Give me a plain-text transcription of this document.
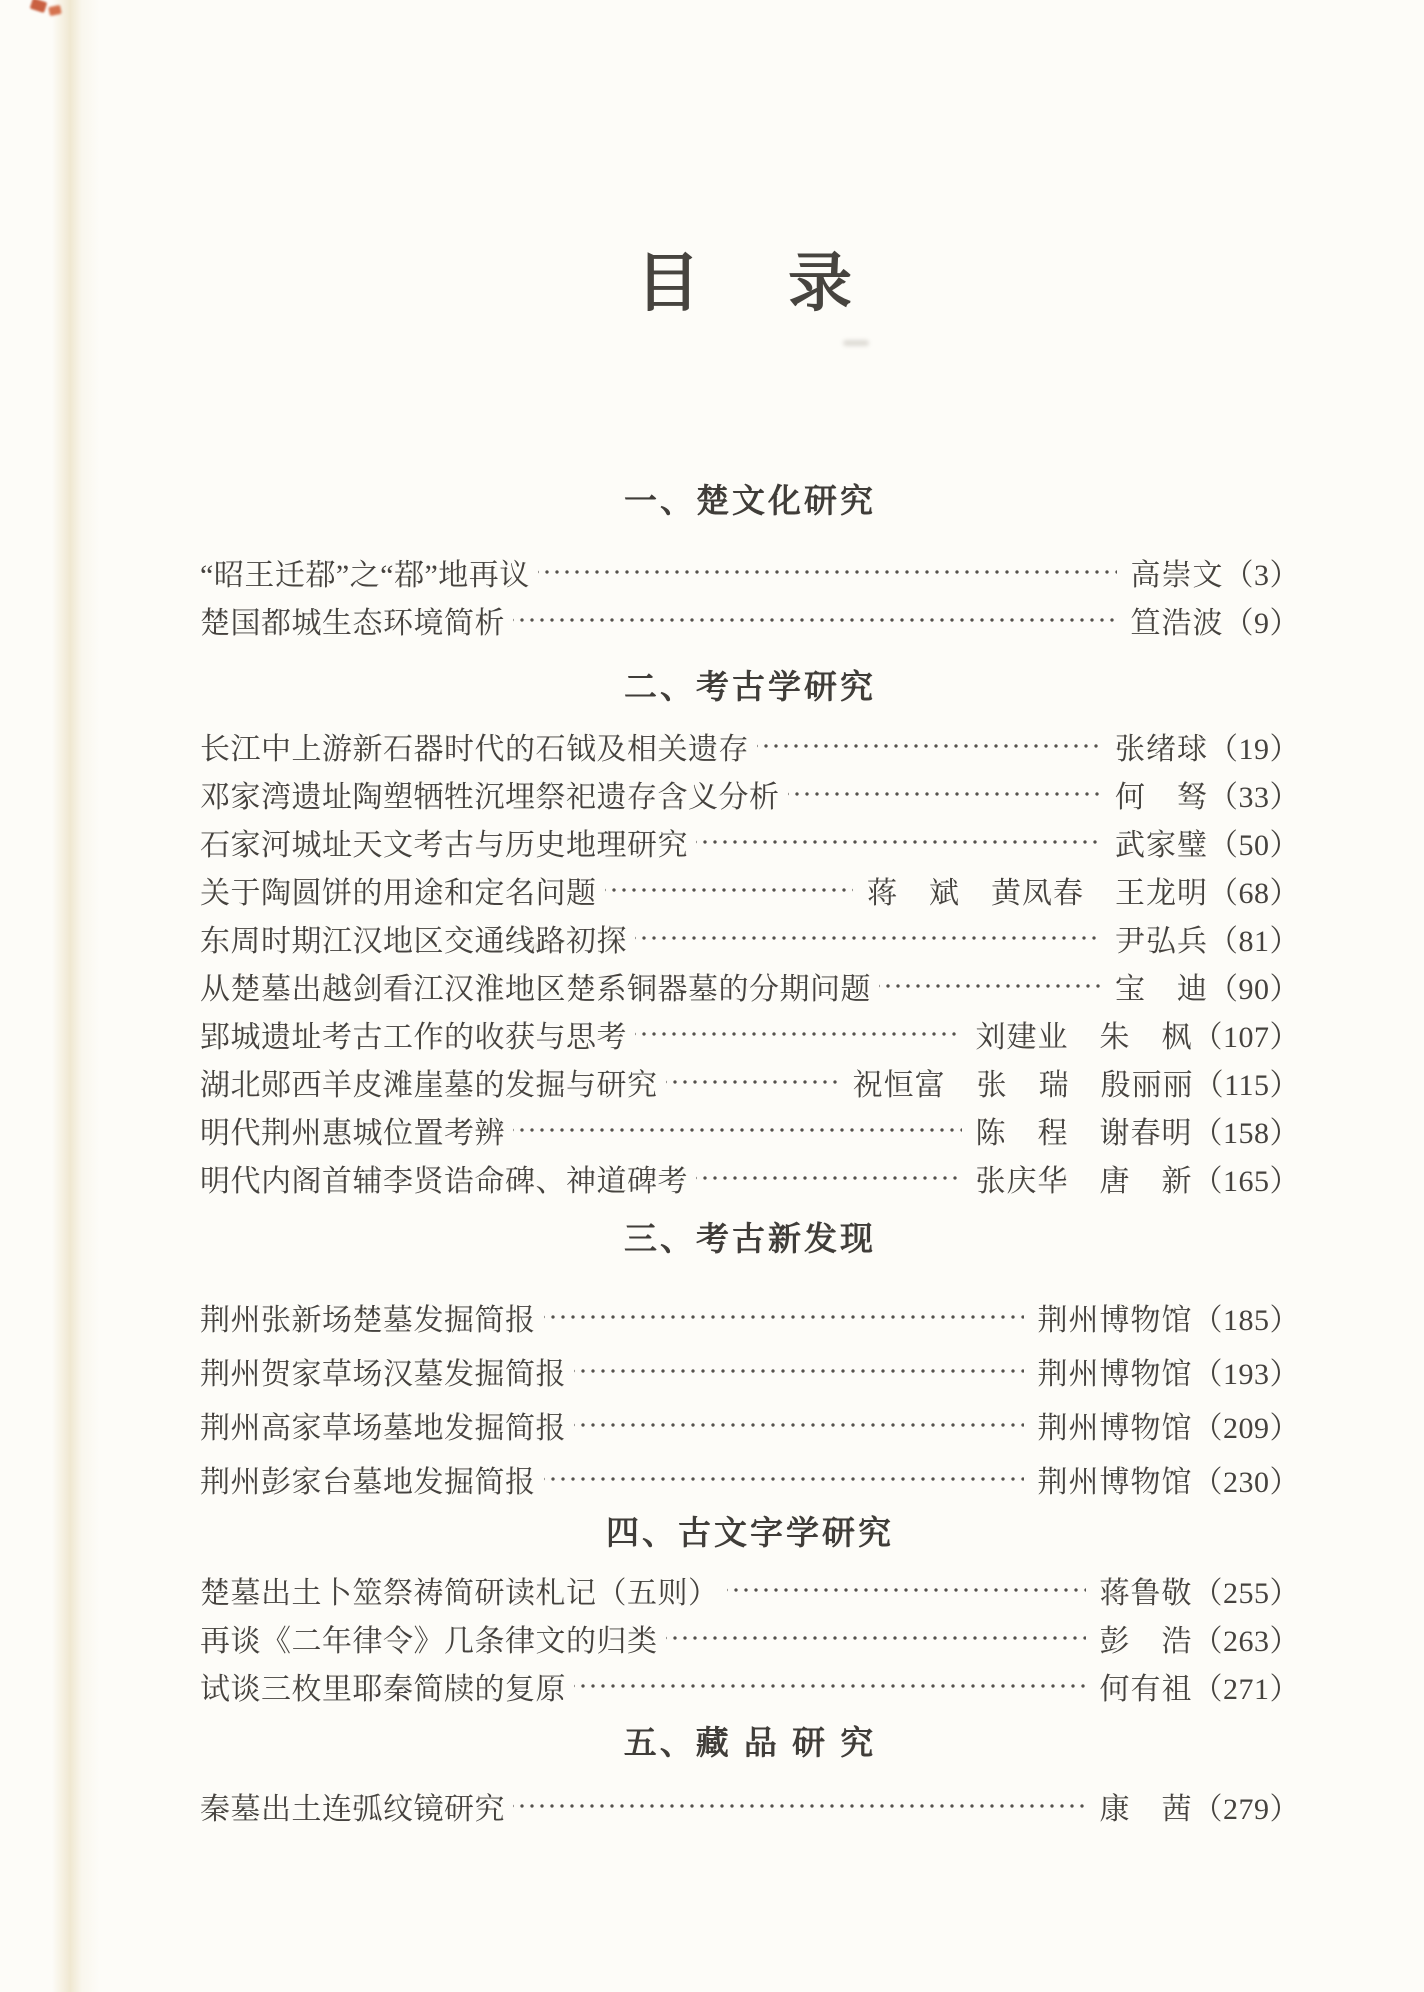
目　录
一、楚文化研究
“昭王迁鄀”之“鄀”地再议	高崇文 （3）
楚国都城生态环境简析	笪浩波 （9）
二、考古学研究
长江中上游新石器时代的石钺及相关遗存	张绪球 （19）
邓家湾遗址陶塑牺牲沉埋祭祀遗存含义分析	何　驽 （33）
石家河城址天文考古与历史地理研究	武家璧 （50）
关于陶圆饼的用途和定名问题	蒋　斌　黄凤春　王龙明 （68）
东周时期江汉地区交通线路初探	尹弘兵 （81）
从楚墓出越剑看江汉淮地区楚系铜器墓的分期问题	宝　迪 （90）
郢城遗址考古工作的收获与思考	刘建业　朱　枫 （107）
湖北郧西羊皮滩崖墓的发掘与研究	祝恒富　张　瑞　殷丽丽 （115）
明代荆州惠城位置考辨	陈　程　谢春明 （158）
明代内阁首辅李贤诰命碑、神道碑考	张庆华　唐　新 （165）
三、考古新发现
荆州张新场楚墓发掘简报	荆州博物馆 （185）
荆州贺家草场汉墓发掘简报	荆州博物馆 （193）
荆州高家草场墓地发掘简报	荆州博物馆 （209）
荆州彭家台墓地发掘简报	荆州博物馆 （230）
四、古文字学研究
楚墓出土卜筮祭祷简研读札记（五则）	蒋鲁敬 （255）
再谈《二年律令》几条律文的归类	彭　浩 （263）
试谈三枚里耶秦简牍的复原	何有祖 （271）
五、藏 品 研 究
秦墓出土连弧纹镜研究	康　茜 （279）
